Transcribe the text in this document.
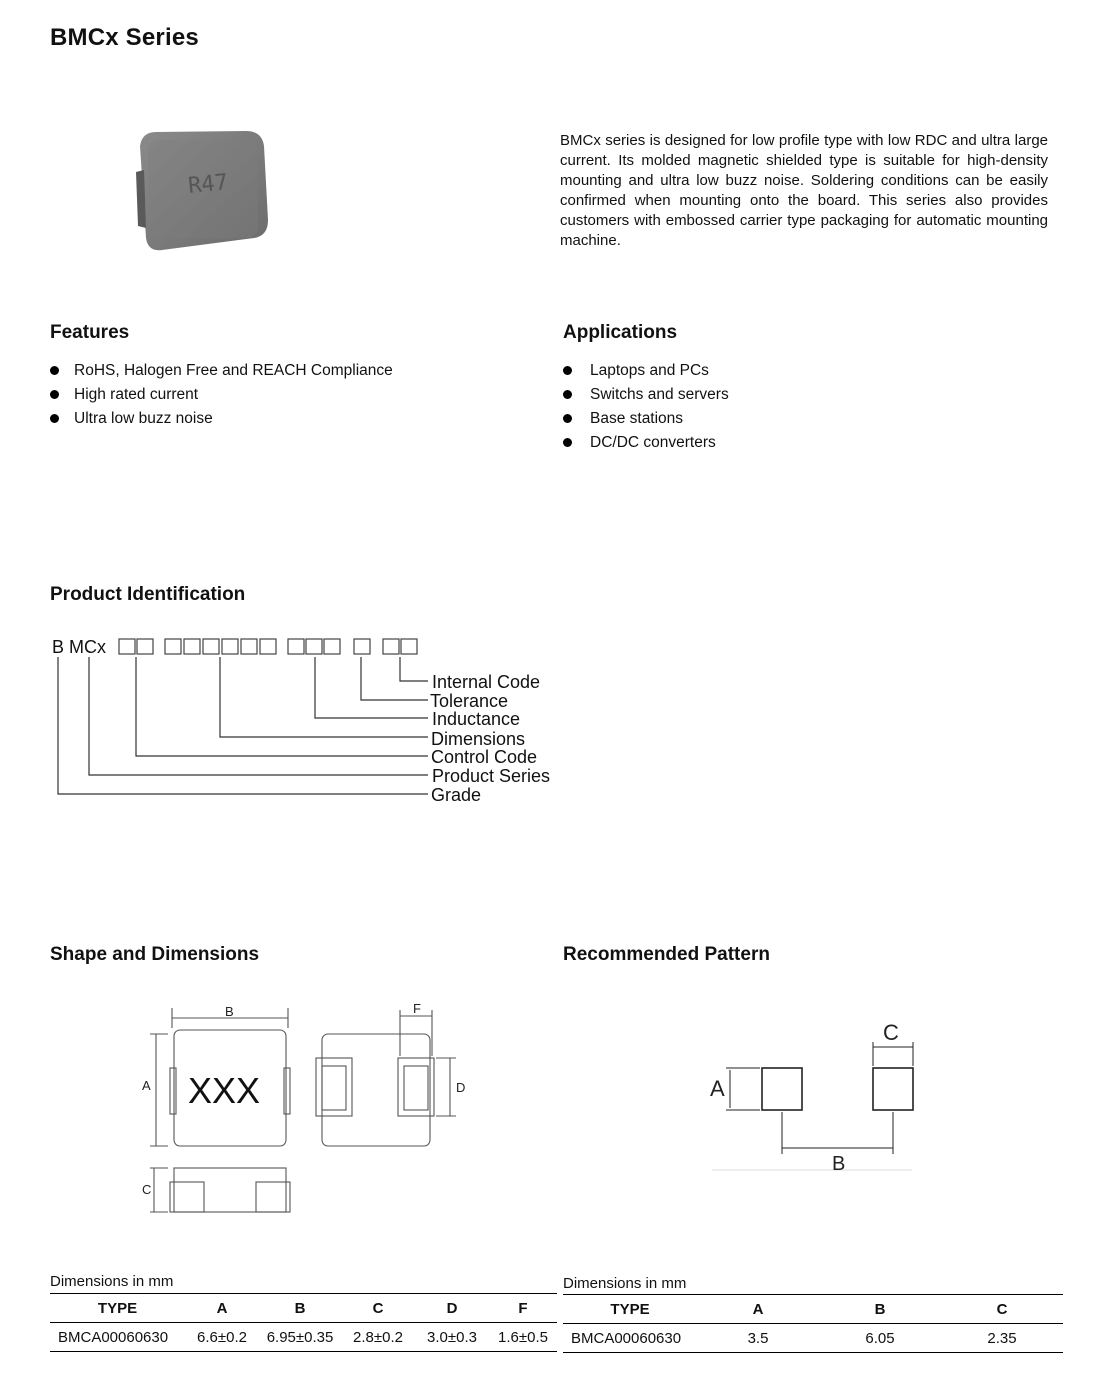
BMCx Series
R47
BMCx series is designed for low profile type with low RDC and ultra large current. Its molded magnetic shielded type is suitable for high-density mounting and ultra low buzz noise. Soldering conditions can be easily confirmed when mounting onto the board. This series also provides customers with embossed carrier type packaging for automatic mounting machine.
Features
RoHS, Halogen Free and REACH Compliance
High rated current
Ultra low buzz noise
Applications
Laptops and PCs
Switchs and servers
Base stations
DC/DC converters
Product Identification
B MCx
Internal Code
Tolerance
Inductance
Dimensions
Control Code
Product Series
Grade
Shape and Dimensions
B
A
F
D
C
XXX
Recommended Pattern
A
C
B
Dimensions in mm
TYPE	A	B	C	D	F
BMCA00060630	6.6±0.2	6.95±0.35	2.8±0.2	3.0±0.3	1.6±0.5
Dimensions in mm
TYPE	A	B	C
BMCA00060630	3.5	6.05	2.35
